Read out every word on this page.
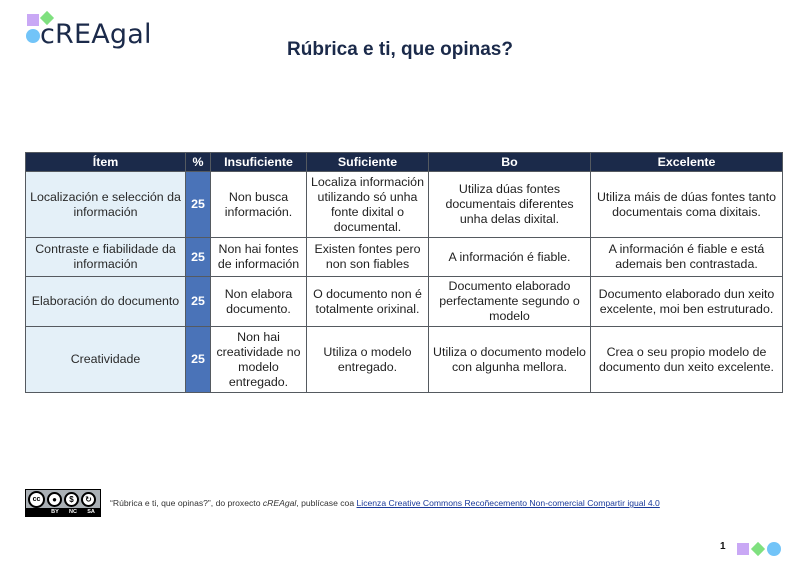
cREAgal	Rúbrica e ti, que opinas?
Ítem	%	Insuficiente	Suficiente	Bo	Excelente
Localización e selección da información	25	Non busca información.	Localiza información utilizando só unha fonte dixital o documental.	Utiliza dúas fontes documentais diferentes unha delas dixital.	Utiliza máis de dúas fontes tanto documentais coma dixitais.
Contraste e fiabilidade da información	25	Non hai fontes de información	Existen fontes pero non son fiables	A información é fiable.	A información é fiable e está ademais ben contrastada.
Elaboración do documento	25	Non elabora documento.	O documento non é totalmente orixinal.	Documento elaborado perfectamente segundo o modelo	Documento elaborado dun xeito excelente, moi ben estruturado.
Creatividade	25	Non hai creatividade no modelo entregado.	Utiliza o modelo entregado.	Utiliza o documento modelo con algunha mellora.	Crea o seu propio modelo de documento dun xeito excelente.
cc	●	$	↻
BY NC SA
“Rúbrica e ti, que opinas?”, do proxecto cREAgal, publícase coa Licenza Creative Commons Recoñecemento Non-comercial Compartir igual 4.0
1
